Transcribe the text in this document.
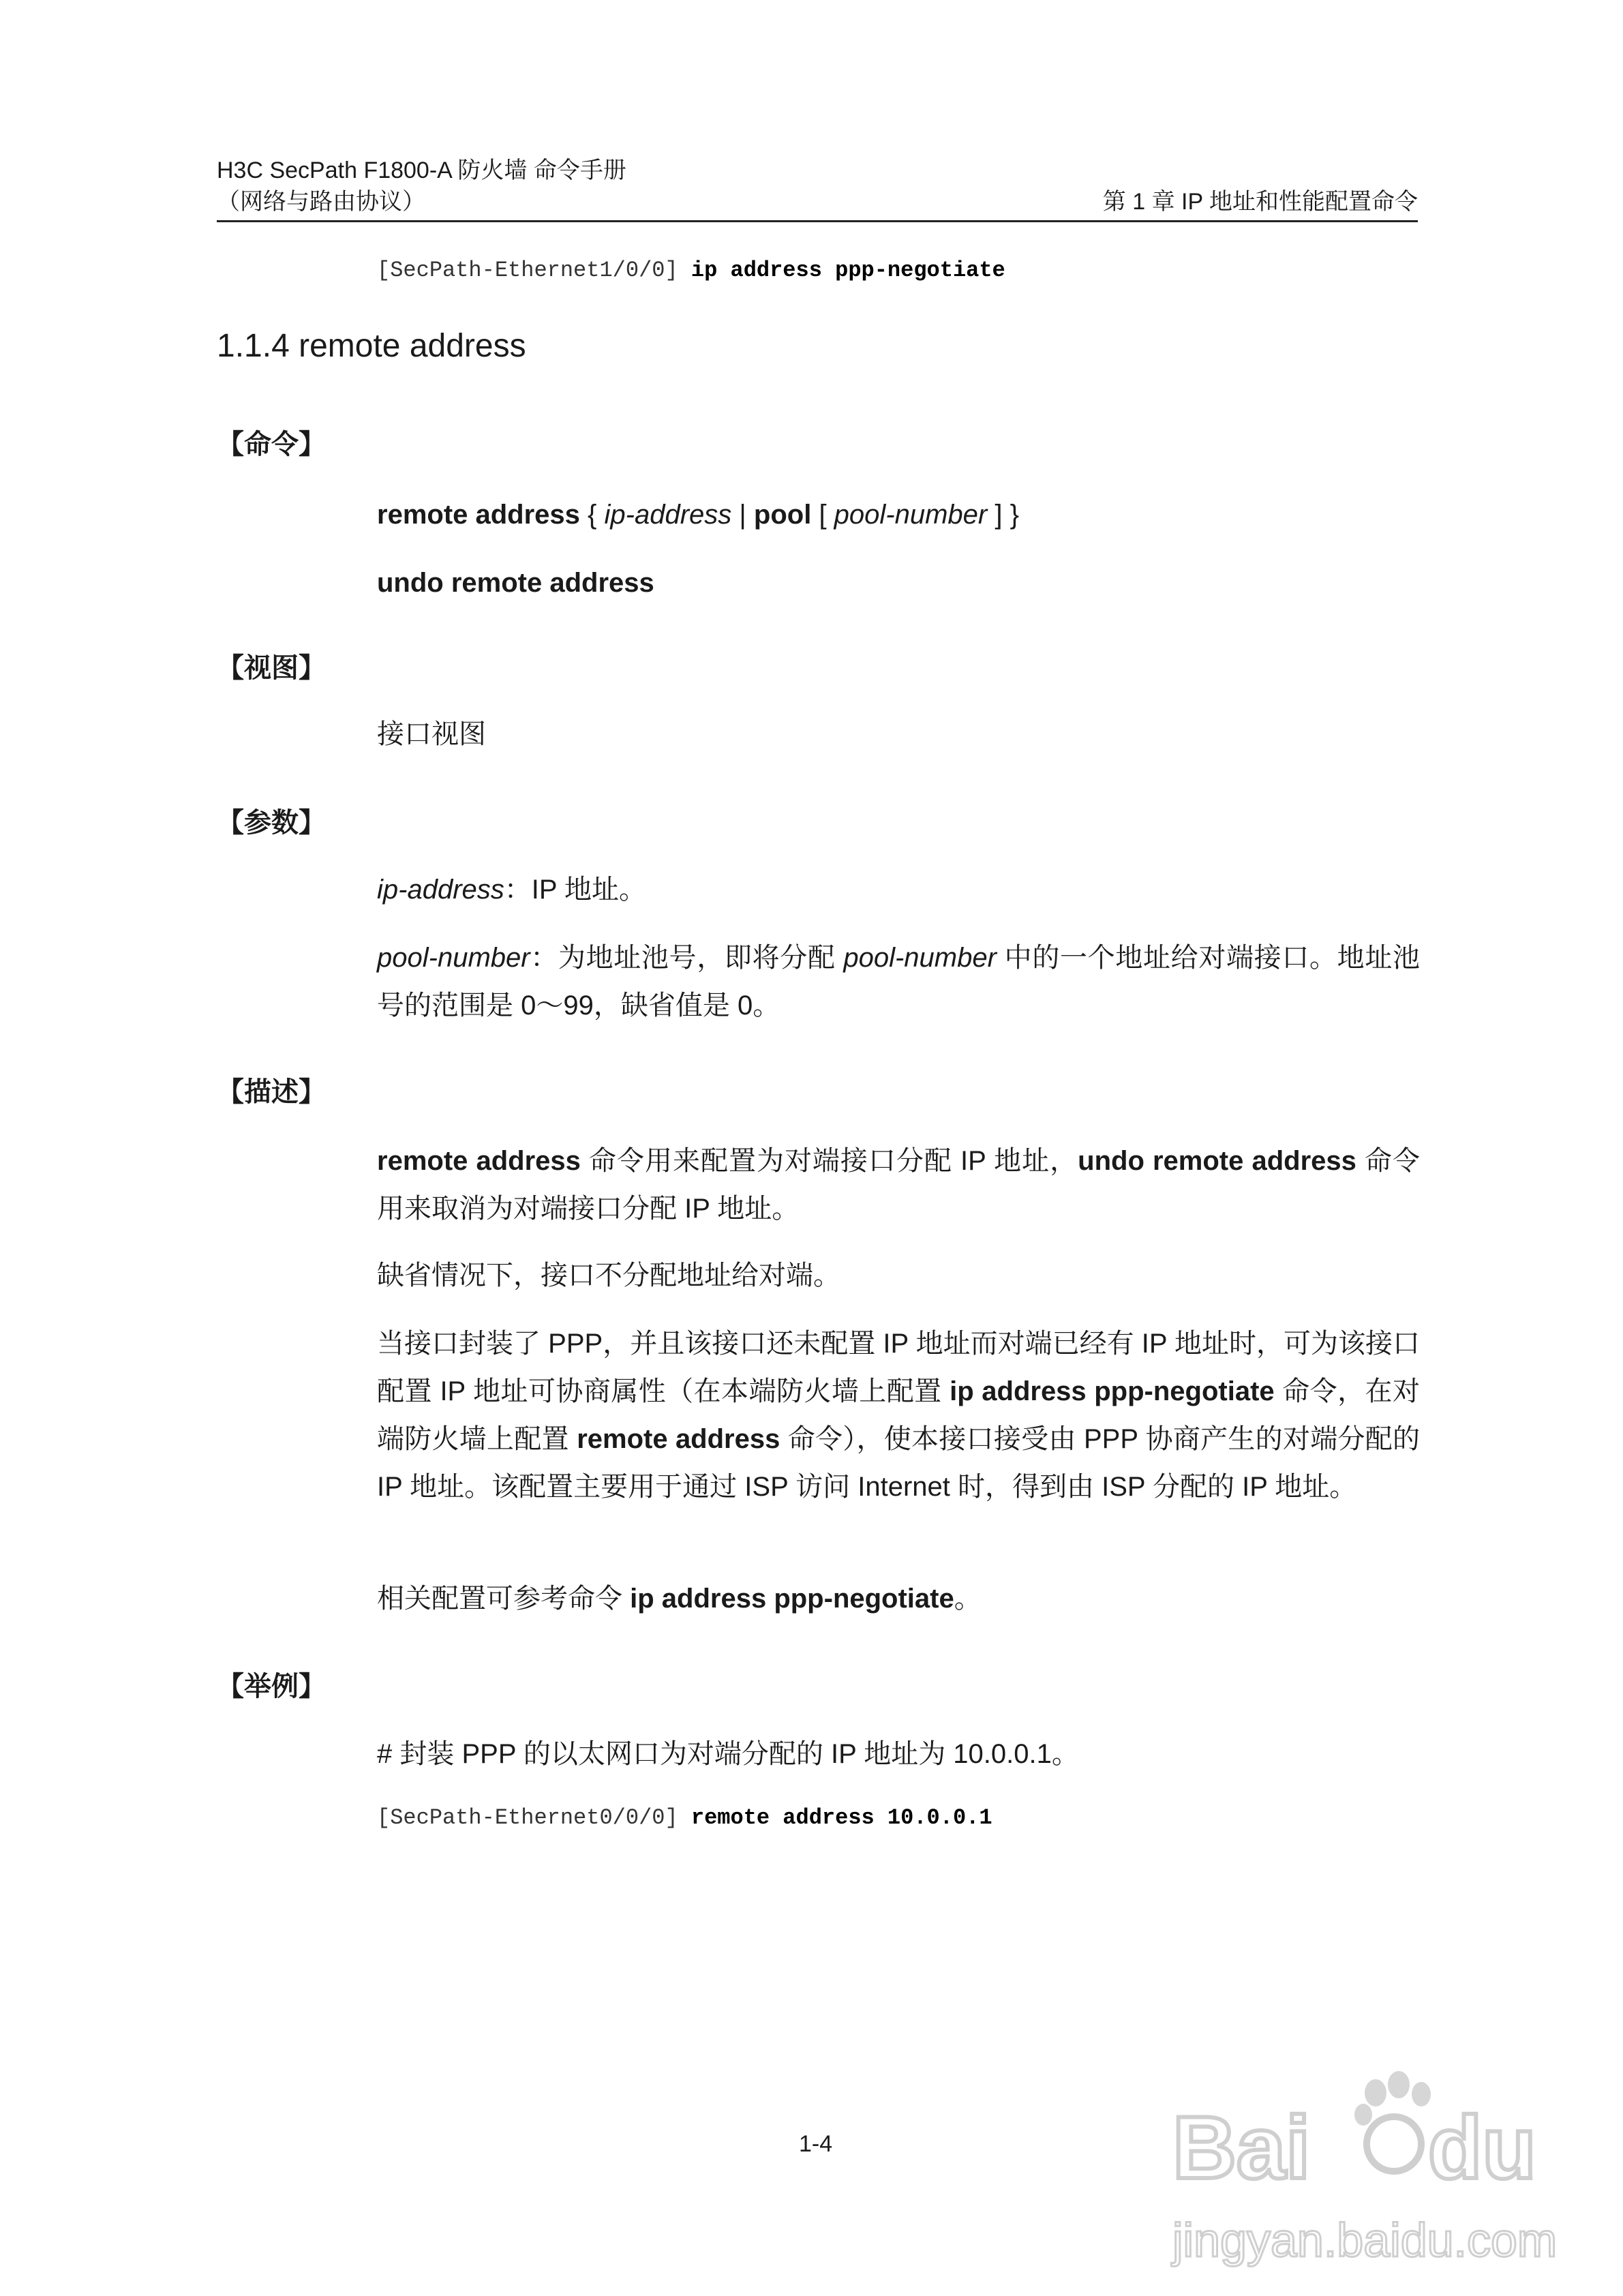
H3C SecPath F1800-A 防火墙 命令手册
（网络与路由协议）	第 1 章 IP 地址和性能配置命令
[SecPath-Ethernet1/0/0] ip address ppp-negotiate
1.1.4 remote address
【命令】
remote address { ip-address | pool [ pool-number ] }
undo remote address
【视图】
接口视图
【参数】
ip-address：IP 地址。
pool-number：为地址池号，即将分配 pool-number 中的一个地址给对端接口。地址池号的范围是 0～99，缺省值是 0。
【描述】
remote address 命令用来配置为对端接口分配 IP 地址，undo remote address 命令用来取消为对端接口分配 IP 地址。
缺省情况下，接口不分配地址给对端。
当接口封装了 PPP，并且该接口还未配置 IP 地址而对端已经有 IP 地址时，可为该接口配置 IP 地址可协商属性（在本端防火墙上配置 ip address ppp-negotiate 命令，在对端防火墙上配置 remote address 命令），使本接口接受由 PPP 协商产生的对端分配的 IP 地址。该配置主要用于通过 ISP 访问 Internet 时，得到由 ISP 分配的 IP 地址。
相关配置可参考命令 ip address ppp-negotiate。
【举例】
# 封装 PPP 的以太网口为对端分配的 IP 地址为 10.0.0.1。
[SecPath-Ethernet0/0/0] remote address 10.0.0.1
1-4	Bai du
jingyan.baidu.com
